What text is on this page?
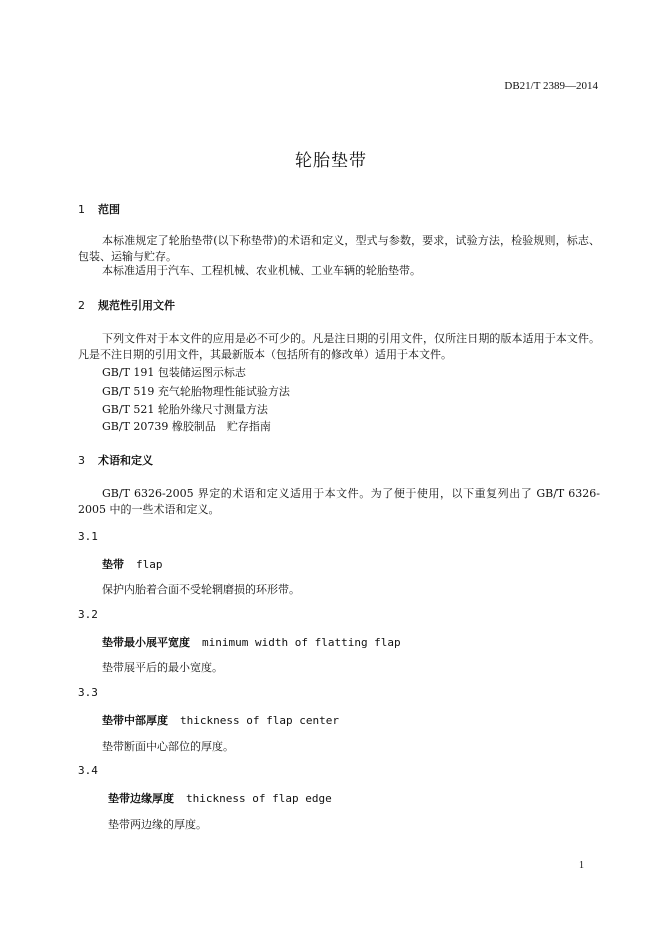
DB21/T 2389—2014
轮胎垫带
1 范围
本标准规定了轮胎垫带(以下称垫带)的术语和定义，型式与参数，要求，试验方法，检验规则，标志、包装、运输与贮存。
本标准适用于汽车、工程机械、农业机械、工业车辆的轮胎垫带。
2 规范性引用文件
下列文件对于本文件的应用是必不可少的。凡是注日期的引用文件，仅所注日期的版本适用于本文件。凡是不注日期的引用文件，其最新版本（包括所有的修改单）适用于本文件。
GB/T 191 包装储运图示标志
GB/T 519 充气轮胎物理性能试验方法
GB/T 521 轮胎外缘尺寸测量方法
GB/T 20739 橡胶制品　贮存指南
3 术语和定义
GB/T 6326-2005 界定的术语和定义适用于本文件。为了便于使用，以下重复列出了 GB/T 6326-2005 中的一些术语和定义。
3.1
垫带 flap
保护内胎着合面不受轮辋磨损的环形带。
3.2
垫带最小展平宽度 minimum width of flatting flap
垫带展平后的最小宽度。
3.3
垫带中部厚度 thickness of flap center
垫带断面中心部位的厚度。
3.4
垫带边缘厚度 thickness of flap edge
垫带两边缘的厚度。
1
